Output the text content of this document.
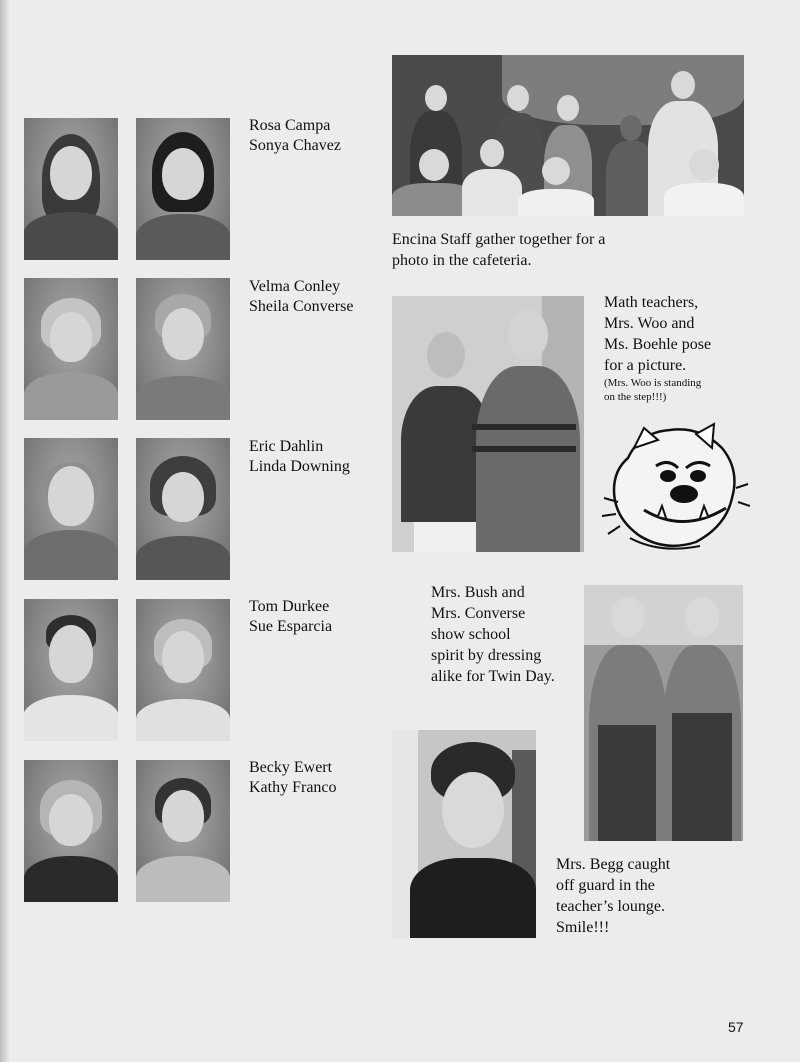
Rosa Campa
Sonya Chavez
Velma Conley
Sheila Converse
Eric Dahlin
Linda Downing
Tom Durkee
Sue Esparcia
Becky Ewert
Kathy Franco
Encina Staff gather together for a
photo in the cafeteria.
Math teachers,
Mrs. Woo and
Ms. Boehle pose
for a picture.
(Mrs. Woo is standing
on the step!!!)
Mrs. Bush and
Mrs. Converse
show school
spirit by dressing
alike for Twin Day.
Mrs. Begg caught
off guard in the
teacher’s lounge.
Smile!!!
57
